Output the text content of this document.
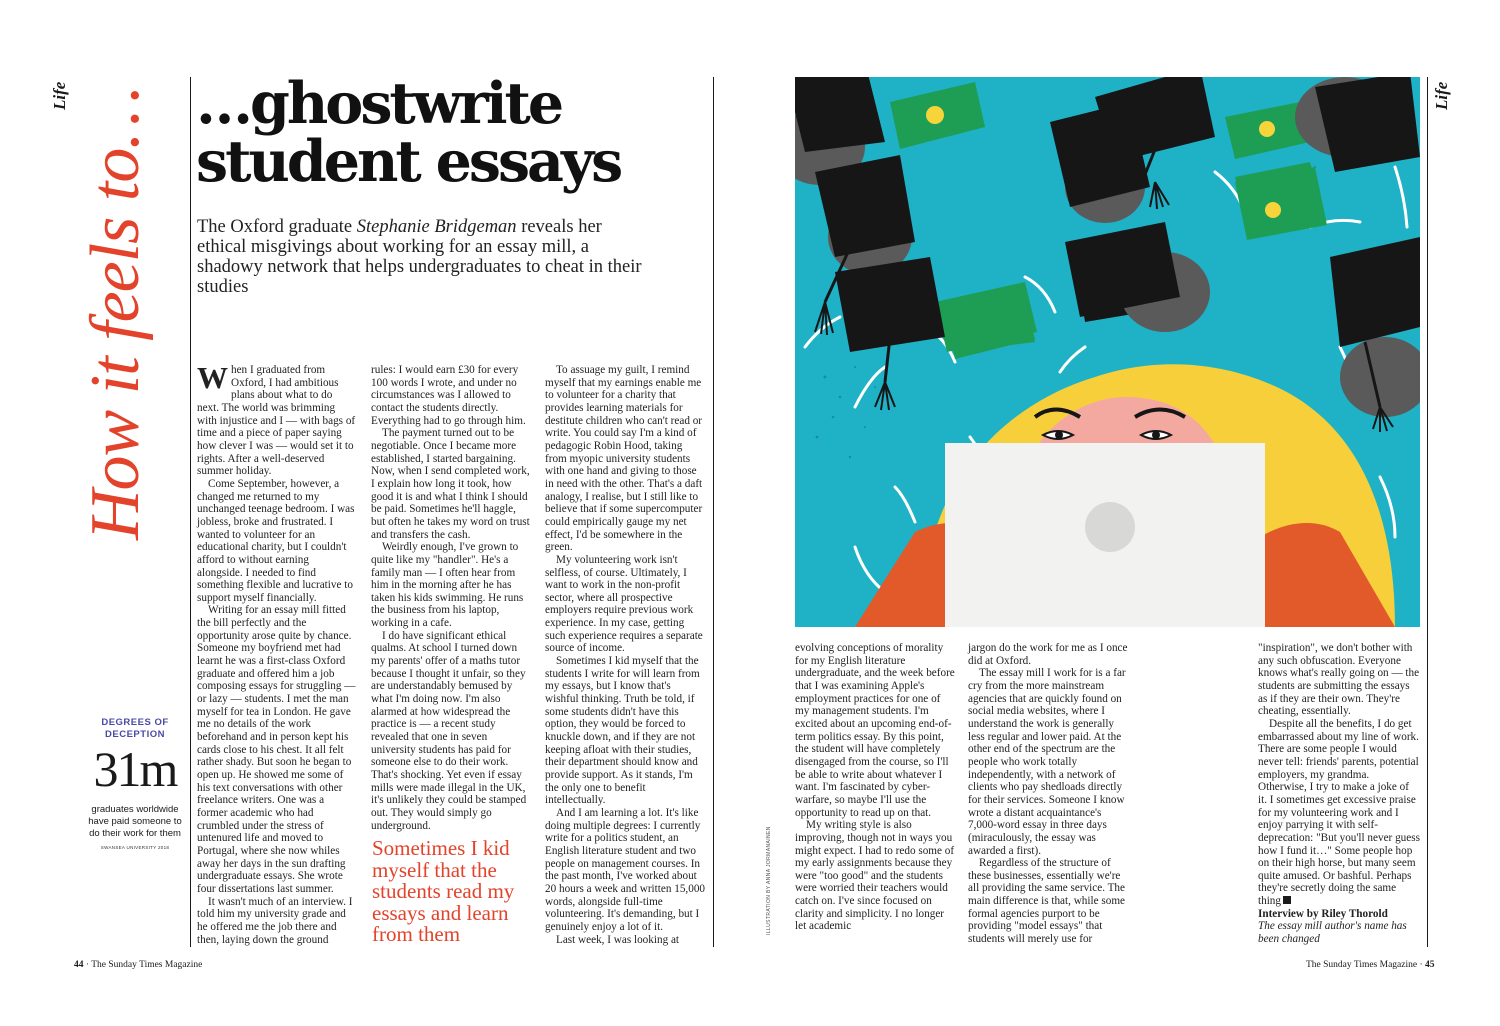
Life How it feels to… …ghostwrite
student essays
The Oxford graduate Stephanie Bridgeman reveals her ethical misgivings about working for an essay mill, a shadowy network that helps undergraduates to cheat in their studies
DEGREES OF DECEPTION
31m
graduates worldwide have paid someone to do their work for them
SWANSEA UNIVERSITY 2018

When I graduated from Oxford, I had ambitious plans about what to do next. The world was brimming with injustice and I — with bags of time and a piece of paper saying how clever I was — would set it to rights. After a well-deserved summer holiday.

Come September, however, a changed me returned to my unchanged teenage bedroom. I was jobless, broke and frustrated. I wanted to volunteer for an educational charity, but I couldn't afford to without earning alongside. I needed to find something flexible and lucrative to support myself financially.

Writing for an essay mill fitted the bill perfectly and the opportunity arose quite by chance. Someone my boyfriend met had learnt he was a first-class Oxford graduate and offered him a job composing essays for struggling — or lazy — students. I met the man myself for tea in London. He gave me no details of the work beforehand and in person kept his cards close to his chest. It all felt rather shady. But soon he began to open up. He showed me some of his text conversations with other freelance writers. One was a former academic who had crumbled under the stress of untenured life and moved to Portugal, where she now whiles away her days in the sun drafting undergraduate essays. She wrote four dissertations last summer.

It wasn't much of an interview. I told him my university grade and he offered me the job there and then, laying down the ground

rules: I would earn £30 for every 100 words I wrote, and under no circumstances was I allowed to contact the students directly. Everything had to go through him.

The payment turned out to be negotiable. Once I became more established, I started bargaining. Now, when I send completed work, I explain how long it took, how good it is and what I think I should be paid. Sometimes he'll haggle, but often he takes my word on trust and transfers the cash.

Weirdly enough, I've grown to quite like my "handler". He's a family man — I often hear from him in the morning after he has taken his kids swimming. He runs the business from his laptop, working in a cafe.

I do have significant ethical qualms. At school I turned down my parents' offer of a maths tutor because I thought it unfair, so they are understandably bemused by what I'm doing now. I'm also alarmed at how widespread the practice is — a recent study revealed that one in seven university students has paid for someone else to do their work. That's shocking. Yet even if essay mills were made illegal in the UK, it's unlikely they could be stamped out. They would simply go underground.

Sometimes I kid myself that the students read my essays and learn from them

To assuage my guilt, I remind myself that my earnings enable me to volunteer for a charity that provides learning materials for destitute children who can't read or write. You could say I'm a kind of pedagogic Robin Hood, taking from myopic university students with one hand and giving to those in need with the other. That's a daft analogy, I realise, but I still like to believe that if some supercomputer could empirically gauge my net effect, I'd be somewhere in the green.

My volunteering work isn't selfless, of course. Ultimately, I want to work in the non-profit sector, where all prospective employers require previous work experience. In my case, getting such experience requires a separate source of income.

Sometimes I kid myself that the students I write for will learn from my essays, but I know that's wishful thinking. Truth be told, if some students didn't have this option, they would be forced to knuckle down, and if they are not keeping afloat with their studies, their department should know and provide support. As it stands, I'm the only one to benefit intellectually.

And I am learning a lot. It's like doing multiple degrees: I currently write for a politics student, an English literature student and two people on management courses. In the past month, I've worked about 20 hours a week and written 15,000 words, alongside full-time volunteering. It's demanding, but I genuinely enjoy a lot of it.

Last week, I was looking at

44 · The Sunday Times Magazine
ILLUSTRATION BY ANNA JORMANAINEN
Life

evolving conceptions of morality for my English literature undergraduate, and the week before that I was examining Apple's employment practices for one of my management students. I'm excited about an upcoming end-of-term politics essay. By this point, the student will have completely disengaged from the course, so I'll be able to write about whatever I want. I'm fascinated by cyber-warfare, so maybe I'll use the opportunity to read up on that.

My writing style is also improving, though not in ways you might expect. I had to redo some of my early assignments because they were "too good" and the students were worried their teachers would catch on. I've since focused on clarity and simplicity. I no longer let academic

jargon do the work for me as I once did at Oxford.

The essay mill I work for is a far cry from the more mainstream agencies that are quickly found on social media websites, where I understand the work is generally less regular and lower paid. At the other end of the spectrum are the people who work totally independently, with a network of clients who pay shedloads directly for their services. Someone I know wrote a distant acquaintance's 7,000-word essay in three days (miraculously, the essay was awarded a first).

Regardless of the structure of these businesses, essentially we're all providing the same service. The main difference is that, while some formal agencies purport to be providing "model essays" that students will merely use for

"inspiration", we don't bother with any such obfuscation. Everyone knows what's really going on — the students are submitting the essays as if they are their own. They're cheating, essentially.

Despite all the benefits, I do get embarrassed about my line of work. There are some people I would never tell: friends' parents, potential employers, my grandma. Otherwise, I try to make a joke of it. I sometimes get excessive praise for my volunteering work and I enjoy parrying it with self-deprecation: "But you'll never guess how I fund it…" Some people hop on their high horse, but many seem quite amused. Or bashful. Perhaps they're secretly doing the same thing

Interview by Riley Thorold
The essay mill author's name has been changed
The Sunday Times Magazine · 45
